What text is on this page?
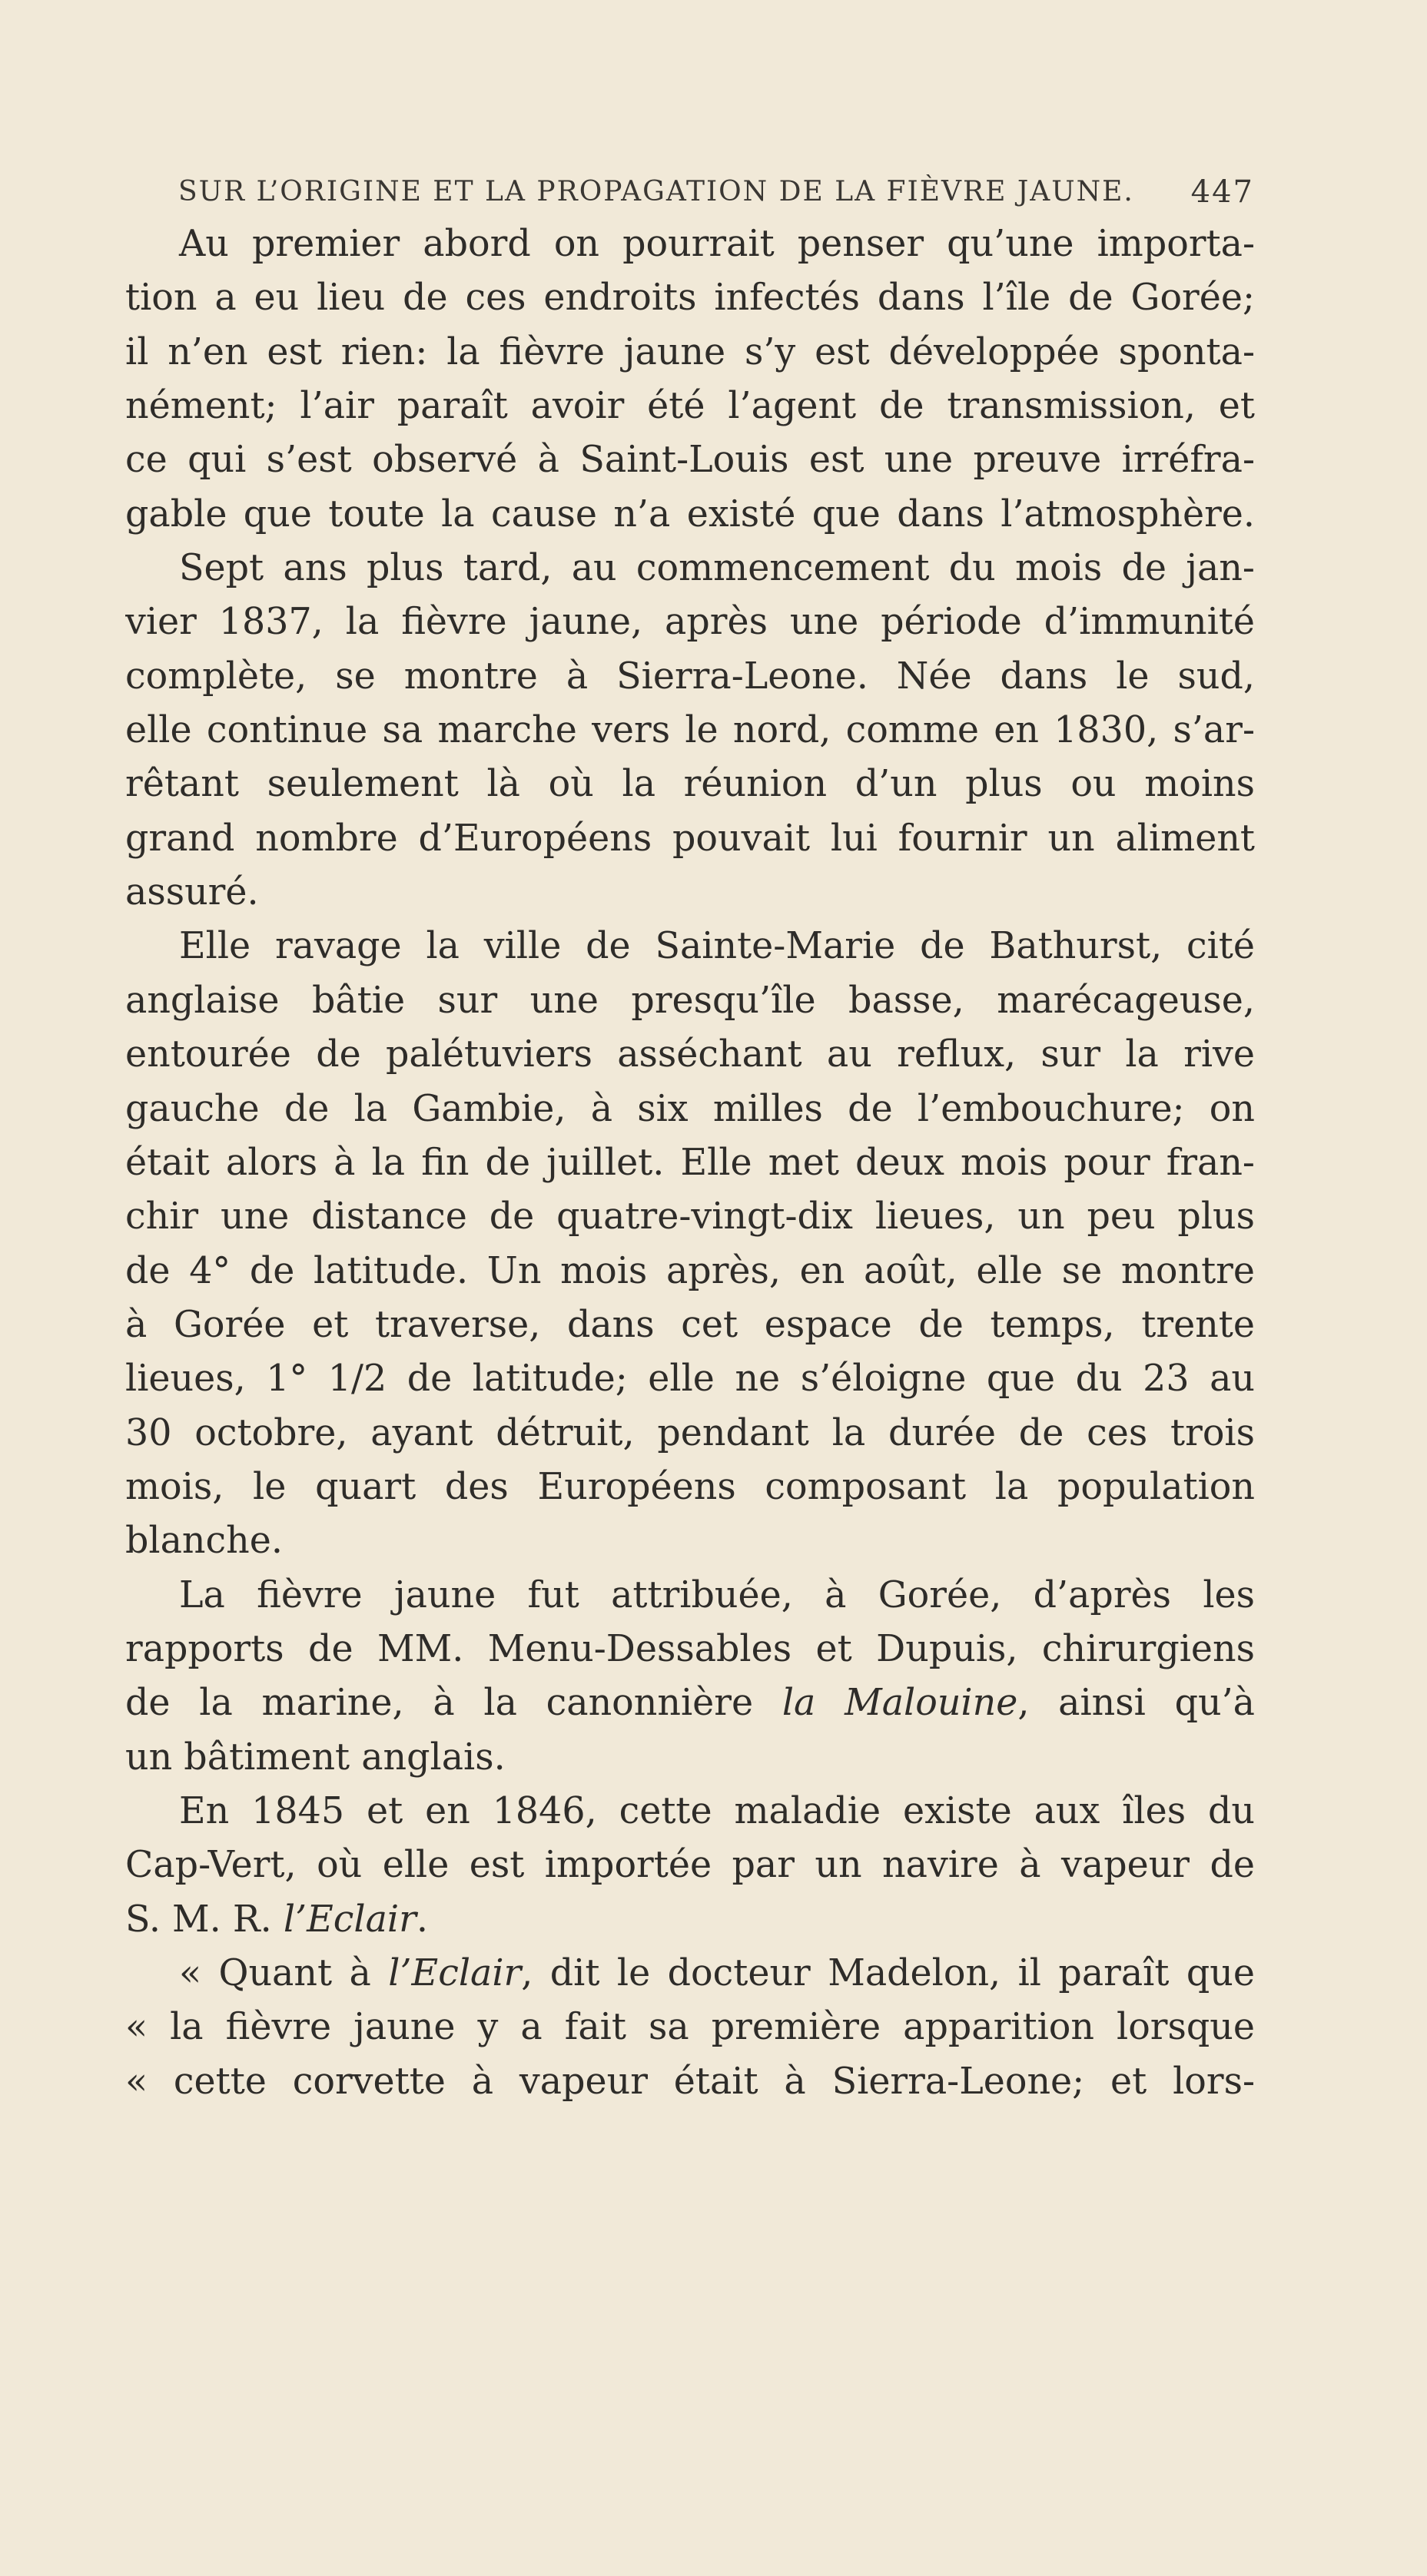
SUR L’ORIGINE ET LA PROPAGATION DE LA FIÈVRE JAUNE. 447
Au premier abord on pourrait penser qu’une importa-
tion a eu lieu de ces endroits infectés dans l’île de Gorée;
il n’en est rien: la fièvre jaune s’y est développée sponta-
nément; l’air paraît avoir été l’agent de transmission, et
ce qui s’est observé à Saint-Louis est une preuve irréfra-
gable que toute la cause n’a existé que dans l’atmosphère.
Sept ans plus tard, au commencement du mois de jan-
vier 1837, la fièvre jaune, après une période d’immunité
complète, se montre à Sierra-Leone. Née dans le sud,
elle continue sa marche vers le nord, comme en 1830, s’ar-
rêtant seulement là où la réunion d’un plus ou moins
grand nombre d’Européens pouvait lui fournir un aliment
assuré.
Elle ravage la ville de Sainte-Marie de Bathurst, cité
anglaise bâtie sur une presqu’île basse, marécageuse,
entourée de palétuviers asséchant au reflux, sur la rive
gauche de la Gambie, à six milles de l’embouchure; on
était alors à la fin de juillet. Elle met deux mois pour fran-
chir une distance de quatre-vingt-dix lieues, un peu plus
de 4° de latitude. Un mois après, en août, elle se montre
à Gorée et traverse, dans cet espace de temps, trente
lieues, 1° 1/2 de latitude; elle ne s’éloigne que du 23 au
30 octobre, ayant détruit, pendant la durée de ces trois
mois, le quart des Européens composant la population
blanche.
La fièvre jaune fut attribuée, à Gorée, d’après les
rapports de MM. Menu-Dessables et Dupuis, chirurgiens
de la marine, à la canonnière la Malouine, ainsi qu’à
un bâtiment anglais.
En 1845 et en 1846, cette maladie existe aux îles du
Cap-Vert, où elle est importée par un navire à vapeur de
S. M. R. l’Eclair.
« Quant à l’Eclair, dit le docteur Madelon, il paraît que
« la fièvre jaune y a fait sa première apparition lorsque
« cette corvette à vapeur était à Sierra-Leone; et lors-
